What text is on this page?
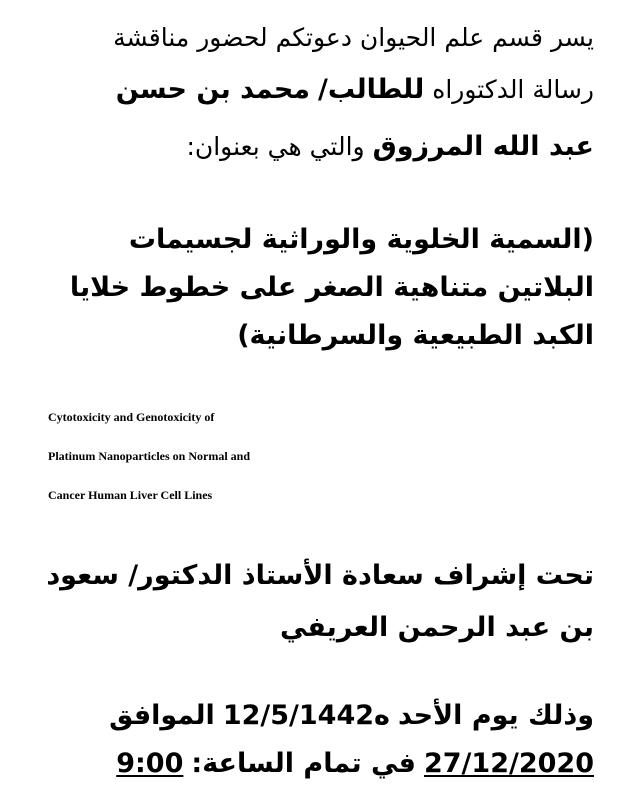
يسر قسم علم الحيوان دعوتكم لحضور مناقشة
رسالة الدكتوراهللطالب/محمد بن حسن
عبد الله المرزوقوالتي هي بعنوان:
(السمية الخلوية والوراثية لجسيمات
البلاتين متناهية الصغر على خطوط خلايا
الكبد الطبيعية والسرطانية)
Cytotoxicity and Genotoxicity of
Platinum Nanoparticles on Normal and
Cancer Human Liver Cell Lines
تحت إشراف سعادة الأستاذ الدكتور/ سعود
بن عبد الرحمن العريفي
وذلك يوم الأحد12/5/1442هالموافق
27/12/2020في تمام الساعة:9:00
